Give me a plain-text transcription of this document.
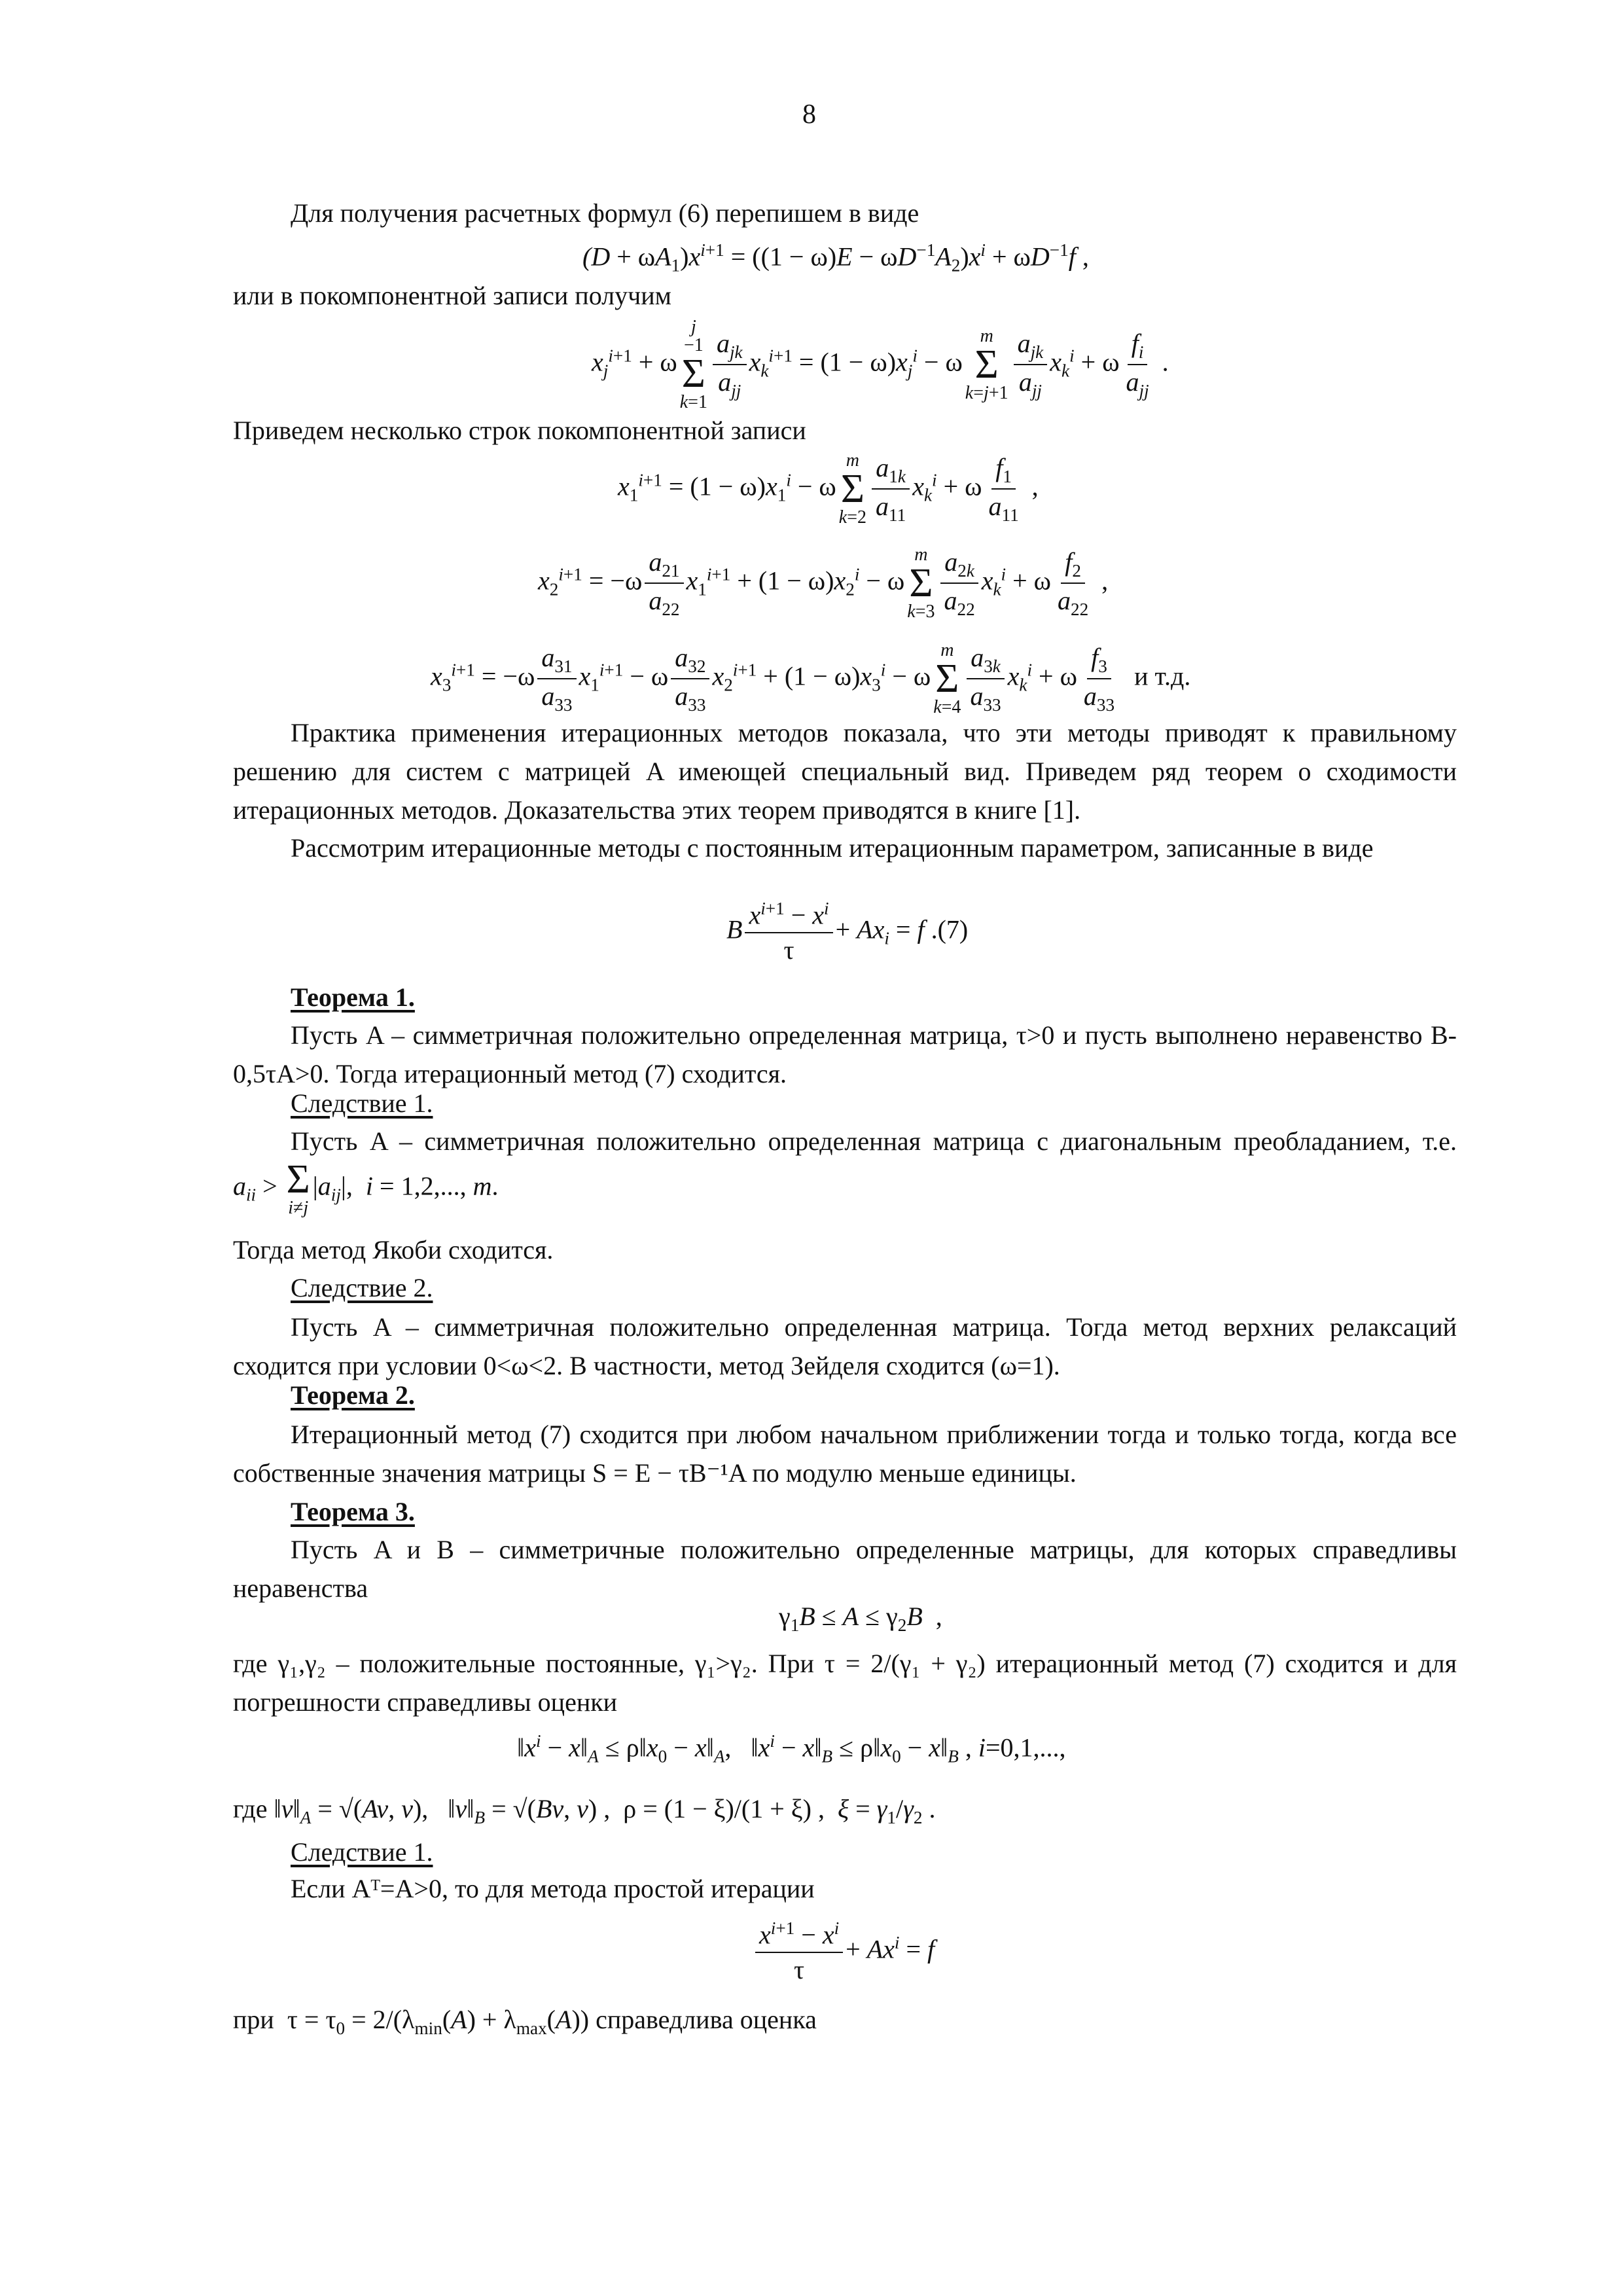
8
Для получения расчетных формул (6) перепишем в виде
$(D + \omega A_1)x^{i+1} = ((1 - \omega)E - \omega D^{-1}A_2)x^i + \omega D^{-1}f$ ,
или в покомпонентной записи получим
$x_j^{i+1} + \omega$
j
−1
Σ
k=1
$\frac{a_{jk}}{a_{jj}} x_k^{i+1} = (1 - \omega)x_j^i - \omega$
m
Σ
$k=j+1 \frac{a_{jk}}{a_{jj}} x_k^i + \omega \frac{f_i}{a_{jj}}$ .
Приведем несколько строк покомпонентной записи
$x_1^{i+1} = (1 - \omega)x_1^i - \omega$
m
Σ
$k=2 \frac{a_{1k}}{a_{11}} x_k^i + \omega \frac{f_1}{a_{11}}$ ,
$x_2^{i+1} = -\omega \frac{a_{21}}{a_{22}} x_1^{i+1} + (1 - \omega)x_2^i - \omega$
m
Σ
$k=3 \frac{a_{2k}}{a_{22}} x_k^i + \omega \frac{f_2}{a_{22}}$ ,
$x_3^{i+1} = -\omega \frac{a_{31}}{a_{33}} x_1^{i+1} - \omega \frac{a_{32}}{a_{33}} x_2^{i+1} + (1 - \omega)x_3^i - \omega$
m
Σ
$k=4 \frac{a_{3k}}{a_{33}} x_k^i + \omega \frac{f_3}{a_{33}}$ и т.д.
Практика применения итерационных методов показала, что эти методы приводят к правильному решению для систем с матрицей A имеющей специальный вид. Приведем ряд теорем о сходимости итерационных методов. Доказательства этих теорем приводятся в книге [1].
Рассмотрим итерационные методы с постоянным итерационным параметром, записанные в виде
B $\frac{x^{i+1} - x^i}{\tau} + Ax_i = f$ .(7)
Теорема 1.
Пусть A – симметричная положительно определенная матрица, τ>0 и пусть выполнено неравенство B-0,5τA>0. Тогда итерационный метод (7) сходится.
Следствие 1.
Пусть A – симметричная положительно определенная матрица с диагональным преобладанием, т.е. $a_{ii} > \Sigma$
i≠j
$|a_{ij}|$,  i = 1,2,..., m.
Тогда метод Якоби сходится.
Следствие 2.
Пусть A – симметричная положительно определенная матрица. Тогда метод верхних релаксаций сходится при условии 0<ω<2. В частности, метод Зейделя сходится (ω=1).
Теорема 2.
Итерационный метод (7) сходится при любом начальном приближении тогда и только тогда, когда все собственные значения матрицы S = E − τB⁻¹A по модулю меньше единицы.
Теорема 3.
Пусть A и B – симметричные положительно определенные матрицы, для которых справедливы неравенства
$\gamma_1B \le A \le \gamma_2B$  ,
где γ₁,γ₂ – положительные постоянные, γ₁>γ₂. При τ = 2/(γ₁ + γ₂) итерационный метод (7) сходится и для погрешности справедливы оценки
$‖x^i$ − $x‖_A$ ≤ $\rho‖x_0$ − $x‖_A$,   $‖x^i$ − $x‖_B$ ≤ $\rho‖x_0$ − $x‖_B$ , i=0,1,...,
где $‖v‖_A = √(Av$, v),   $‖v‖_B = √(Bv$, v) ,  ρ = (1 − ξ)/(1 + ξ) ,  $\xi = \gamma_1/\gamma_2$ .
Следствие 1.
Если Aᵀ=A>0, то для метода простой итерации
$\frac{x^{i+1} - x^i}{\tau} + Ax^i = f$
при  $\tau = \tau_0 = 2/(\lambda_{min}(A) + \lambda_{max}(A))$ справедлива оценка
